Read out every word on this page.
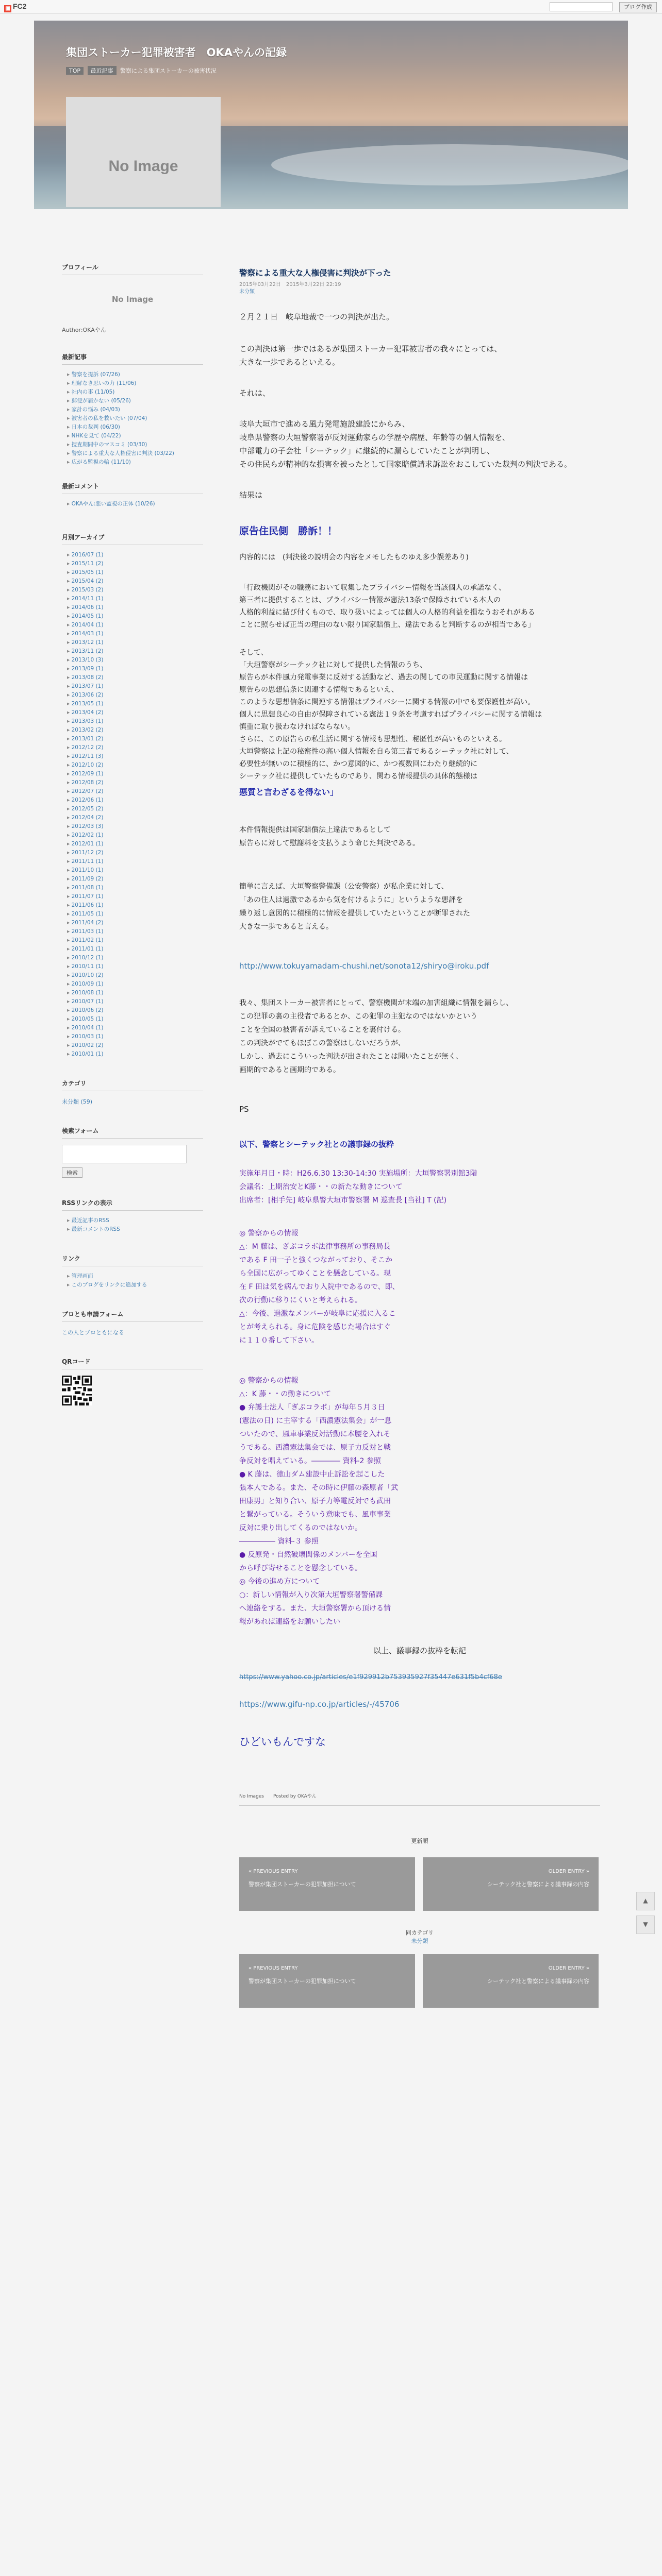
▣ FC2	ブログ作成
集団ストーカー犯罪被害者　OKAやんの記録
TOP 最近記事 警察による集団ストーカーの被害状況
No Image
プロフィール
No Image
Author:OKAやん
最新記事
▸ 警察を提訴 (07/26)
▸ 理解なき思いの力 (11/06)
▸ 社内の事 (11/05)
▸ 郵便が届かない (05/26)
▸ 家計の悩み (04/03)
▸ 被害者の私を救いたい (07/04)
▸ 日本の裁判 (06/30)
▸ NHKを見て (04/22)
▸ 捜査期間中のマスコミ (03/30)
▸ 警察による重大な人権侵害に判決 (03/22)
▸ 広がる監視の輪 (11/10)
最新コメント
▸ OKAやん:悪い監視の正体 (10/26)
月別アーカイブ
▸ 2016/07 (1)
▸ 2015/11 (2)
▸ 2015/05 (1)
▸ 2015/04 (2)
▸ 2015/03 (2)
▸ 2014/11 (1)
▸ 2014/06 (1)
▸ 2014/05 (1)
▸ 2014/04 (1)
▸ 2014/03 (1)
▸ 2013/12 (1)
▸ 2013/11 (2)
▸ 2013/10 (3)
▸ 2013/09 (1)
▸ 2013/08 (2)
▸ 2013/07 (1)
▸ 2013/06 (2)
▸ 2013/05 (1)
▸ 2013/04 (2)
▸ 2013/03 (1)
▸ 2013/02 (2)
▸ 2013/01 (2)
▸ 2012/12 (2)
▸ 2012/11 (3)
▸ 2012/10 (2)
▸ 2012/09 (1)
▸ 2012/08 (2)
▸ 2012/07 (2)
▸ 2012/06 (1)
▸ 2012/05 (2)
▸ 2012/04 (2)
▸ 2012/03 (3)
▸ 2012/02 (1)
▸ 2012/01 (1)
▸ 2011/12 (2)
▸ 2011/11 (1)
▸ 2011/10 (1)
▸ 2011/09 (2)
▸ 2011/08 (1)
▸ 2011/07 (1)
▸ 2011/06 (1)
▸ 2011/05 (1)
▸ 2011/04 (2)
▸ 2011/03 (1)
▸ 2011/02 (1)
▸ 2011/01 (1)
▸ 2010/12 (1)
▸ 2010/11 (1)
▸ 2010/10 (2)
▸ 2010/09 (1)
▸ 2010/08 (1)
▸ 2010/07 (1)
▸ 2010/06 (2)
▸ 2010/05 (1)
▸ 2010/04 (1)
▸ 2010/03 (1)
▸ 2010/02 (2)
▸ 2010/01 (1)
カテゴリ
未分類 (59)
検索フォーム
検索
RSSリンクの表示
▸ 最近記事のRSS
▸ 最新コメントのRSS
リンク
▸ 管理画面
▸ このブログをリンクに追加する
ブロとも申請フォーム
この人とブロともになる
QRコード
警察による重大な人権侵害に判決が下った
2015年03月22日　2015年3月22日 22:19
未分類

２月２１日　岐阜地裁で一つの判決が出た。

この判決は第一歩ではあるが集団ストーカー犯罪被害者の我々にとっては、
大きな一歩であるといえる。

それは、

岐阜大垣市で進める風力発電施設建設にからみ、
岐阜県警察の大垣警察署が反対運動家らの学歴や病歴、年齢等の個人情報を、
中部電力の子会社「シーテック」に継続的に漏らしていたことが判明し、
その住民らが精神的な損害を被ったとして国家賠償請求訴訟をおこしていた裁判の判決である。

結果は

原告住民側　勝訴！！

内容的には　(判決後の説明会の内容をメモしたものゆえ多少誤差あり)

「行政機関がその職務において収集したプライバシー情報を当該個人の承諾なく、
第三者に提供することは、プライバシー情報が憲法13条で保障されている本人の
人格的利益に結び付くもので、取り扱いによっては個人の人格的利益を損なうおそれがある
ことに照らせば正当の理由のない限り国家賠償上、違法であると判断するのが相当である」

そして、
「大垣警察がシーテック社に対して提供した情報のうち、
原告らが本件風力発電事業に反対する活動など、過去の関しての市民運動に関する情報は
原告らの思想信条に関連する情報であるといえ、
このような思想信条に関連する情報はプライバシーに関する情報の中でも要保護性が高い。
個人に思想良心の自由が保障されている憲法１９条を考慮すればプライバシーに関する情報は
慎重に取り扱わなければならない。
さらに、この原告らの私生活に関する情報も思想性、秘匿性が高いものといえる。
大垣警察は上記の秘密性の高い個人情報を自ら第三者であるシーテック社に対して、
必要性が無いのに積極的に、かつ意図的に、かつ複数回にわたり継続的に
シーテック社に提供していたものであり、関わる情報提供の具体的態様は

悪質と言わざるを得ない」

本件情報提供は国家賠償法上違法であるとして
原告らに対して慰謝料を支払うよう命じた判決である。

簡単に言えば、大垣警察警備課（公安警察）が私企業に対して、
「あの住人は過激であるから気を付けるように」というような悪評を
繰り返し意図的に積極的に情報を提供していたということが断罪された
大きな一歩であると言える。

http://www.tokuyamadam-chushi.net/sonota12/shiryo@iroku.pdf

我々、集団ストーカー被害者にとって、警察機関が末端の加害組織に情報を漏らし、
この犯罪の裏の主役者であるとか、この犯罪の主犯なのではないかという
ことを全国の被害者が訴えていることを裏付ける。
この判決がでてもほぼこの警察はしないだろうが、
しかし、過去にこういった判決が出されたことは聞いたことが無く、
画期的であると画期的である。

PS

以下、警察とシーテック社との議事録の抜粋

実施年月日・時：H26.6.30 13:30-14:30 実施場所：大垣警察署別館3階
会議名：上期治安とK藤・・の新たな動きについて
出席者：[相手先] 岐阜県警大垣市警察署 M 巡査長 [当社] T (記)

◎ 警察からの情報
△：M 藤は、ざぶコラボ法律事務所の事務局長
である F 田一子と強くつながっており、そこか
ら全国に広がってゆくことを懸念している。現
在 F 田は気を病んでおり入院中であるので、即、
次の行動に移りにくいと考えられる。
△：今後、過激なメンバーが岐阜に応援に入るこ
とが考えられる。身に危険を感じた場合はすぐ
に１１０番して下さい。

◎ 警察からの情報
△：K 藤・・の動きについて
● 弁護士法人「ぎぶコラボ」が毎年５月３日
(憲法の日) に主宰する「西濃憲法集会」が一息
ついたので、風車事業反対活動に本腰を入れそ
うである。西濃憲法集会では、原子力反対と戦
争反対を唱えている。―――― 資料-2 参照
● K 藤は、徳山ダム建設中止訴訟を起こした
張本人である。また、その時に伊藤の森原者「武
田康男」と知り合い、原子力等電反対でも武田
と繋がっている。そういう意味でも、風車事業
反対に乗り出してくるのではないか。
――――― 資料-３ 参照
● 反原発・自然破壊関係のメンバーを全国
から呼び寄せることを懸念している。
◎ 今後の進め方について
○：新しい情報が入り次第大垣警察署警備課
へ連絡をする。また、大垣警察署から頂ける情
報があれば連絡をお願いしたい

以上、議事録の抜粋を転記

https://www.yahoo.co.jp/articles/e1f929912b753935927f35447e631f5b4cf68e
https://www.gifu-np.co.jp/articles/-/45706
ひどいもんですな
No Images　　Posted by OKAやん
更新順
« PREVIOUS ENTRY
警察が集団ストーカーの犯罪加担について
OLDER ENTRY »
シーテック社と警察による議事録の内容
同カテゴリ
未分類
« PREVIOUS ENTRY
警察が集団ストーカーの犯罪加担について
OLDER ENTRY »
シーテック社と警察による議事録の内容
▲
▼
